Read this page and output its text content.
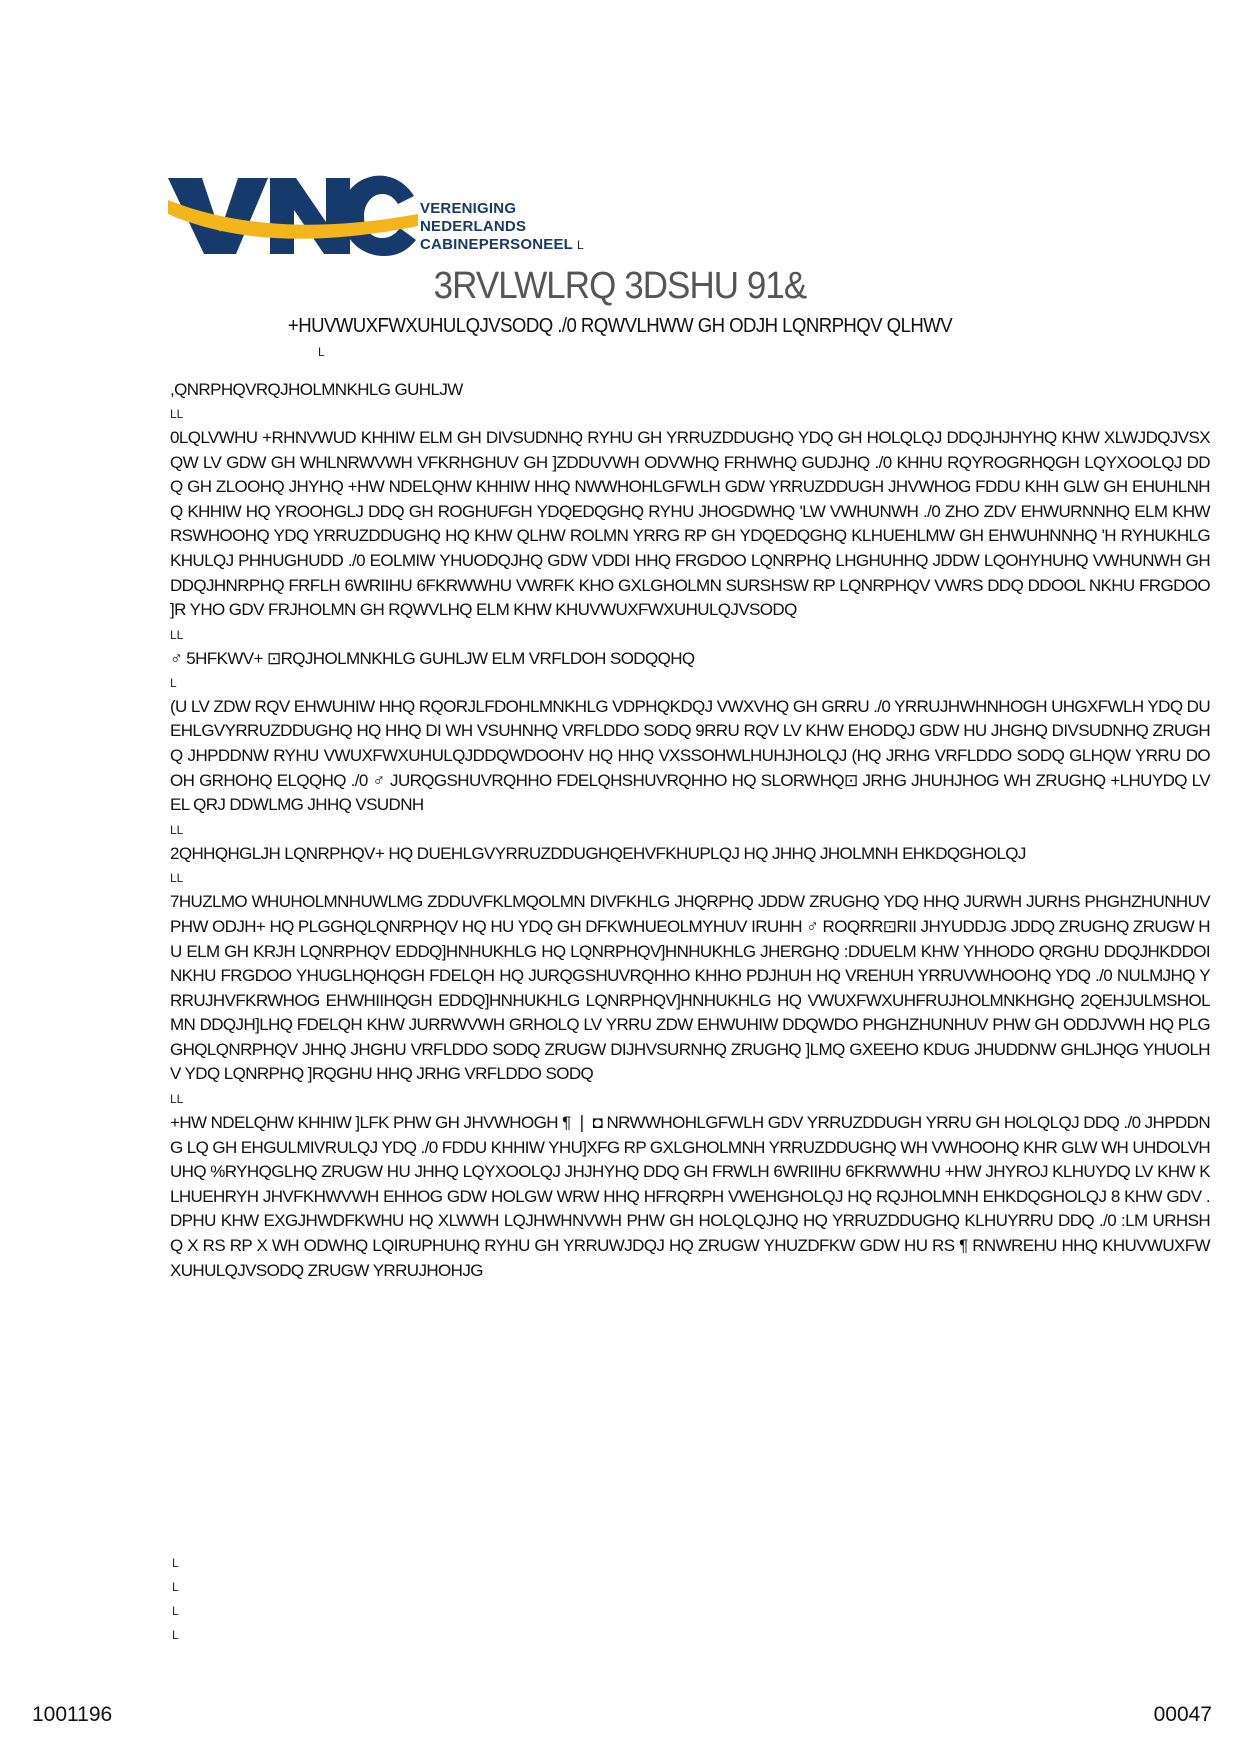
VERENIGING
NEDERLANDS
CABINEPERSONEEL L
3RVLWLRQ 3DSHU 91&
+HUVWUXFWXUHULQJVSODQ ./0 RQWVLHWW GH ODJH LQNRPHQV QLHWV
L

,QNRPHQVRQJHOLMNKHLG GUHLJW

LL

0LQLVWHU +RHNVWUD KHHIW ELM GH DIVSUDNHQ RYHU GH YRRUZDDUGHQ YDQ GH HOLQLQJ DDQJHJHYHQ KHW XLWJDQJVSXQW LV GDW GH WHLNRWVWH VFKRHGHUV GH ]ZDDUVWH ODVWHQ FRHWHQ GUDJHQ ./0 KHHU RQYROGRHQGH LQYXOOLQJ DDQ GH ZLOOHQ JHYHQ +HW NDELQHW KHHIW HHQ NWWHOHLGFWLH GDW YRRUZDDUGH JHVWHOG FDDU KHH GLW GH EHUHLNHQ KHHIW HQ YROOHGLJ DDQ GH ROGHUFGH YDQEDQGHQ RYHU JHOGDWHQ 'LW VWHUNWH ./0 ZHO ZDV EHWURNNHQ ELM KHW RSWHOOHQ YDQ YRRUZDDUGHQ HQ KHW QLHW ROLMN YRRG RP GH YDQEDQGHQ KLHUEHLMW GH EHWUHNNHQ 'H RYHUKHLG KHULQJ PHHUGHUDD ./0 EOLMIW YHUODQJHQ GDW VDDI HHQ FRGDOO LQNRPHQ LHGHUHHQ JDDW LQOHYHUHQ VWHUNWH GH DDQJHNRPHQ FRFLH 6WRIIHU 6FKRWWHU VWRFK KHO GXLGHOLMN SURSHSW RP LQNRPHQV VWRS DDQ DDOOL NKHU FRGDOO ]R YHO GDV FRJHOLMN GH RQWVLHQ ELM KHW KHUVWUXFWXUHULQJVSODQ

LL

♂ 5HFKWV+ ⊡RQJHOLMNKHLG GUHLJW ELM VRFLDOH SODQQHQ

L

(U LV ZDW RQV EHWUHIW HHQ RQORJLFDOHLMNKHLG VDPHQKDQJ VWXVHQ GH GRRU ./0 YRRUJHWHNHOGH UHGXFWLH YDQ DUEHLGVYRRUZDDUGHQ HQ HHQ DI WH VSUHNHQ VRFLDDO SODQ 9RRU RQV LV KHW EHODQJ GDW HU JHGHQ DIVSUDNHQ ZRUGHQ JHPDDNW RYHU VWUXFWXUHULQJDDQWDOOHV HQ HHQ VXSSOHWLHUHJHOLQJ (HQ JRHG VRFLDDO SODQ GLHQW YRRU DOOH GRHOHQ ELQQHQ ./0 ♂ JURQGSHUVRQHHO FDELQHSHUVRQHHO HQ SLORWHQ⊡ JRHG JHUHJHOG WH ZRUGHQ +LHUYDQ LV EL QRJ DDWLMG JHHQ VSUDNH

LL

2QHHQHGLJH LQNRPHQV+ HQ DUEHLGVYRRUZDDUGHQEHVFKHUPLQJ HQ JHHQ JHOLMNH EHKDQGHOLQJ

LL

7HUZLMO WHUHOLMNHUWLMG ZDDUVFKLMQOLMN DIVFKHLG JHQRPHQ JDDW ZRUGHQ YDQ HHQ JURWH JURHS PHGHZHUNHUV PHW ODJH+ HQ PLGGHQLQNRPHQV HQ HU YDQ GH DFKWHUEOLMYHUV IRUHH ♂ ROQRR⊡RII JHYUDDJG JDDQ ZRUGHQ ZRUGW HU ELM GH KRJH LQNRPHQV EDDQ]HNHUKHLG HQ LQNRPHQV]HNHUKHLG JHERGHQ :DDUELM KHW YHHODO QRGHU DDQJHKDDOI NKHU FRGDOO YHUGLHQHQGH FDELQH HQ JURQGSHUVRQHHO KHHO PDJHUH HQ VREHUH YRRUVWHOOHQ YDQ ./0 NULMJHQ YRRUJHVFKRWHOG EHWHIIHQGH EDDQ]HNHUKHLG LQNRPHQV]HNHUKHLG HQ VWUXFWXUHFRUJHOLMNKHGHQ 2QEHJULMSHOLMN DDQJH]LHQ FDELQH KHW JURRWVWH GRHOLQ LV YRRU ZDW EHWUHIW DDQWDO PHGHZHUNHUV PHW GH ODDJVWH HQ PLGGHQLQNRPHQV JHHQ JHGHU VRFLDDO SODQ ZRUGW DIJHVSURNHQ ZRUGHQ ]LMQ GXEEHO KDUG JHUDDNW GHLJHQG YHUOLHV YDQ LQNRPHQ ]RQGHU HHQ JRHG VRFLDDO SODQ

LL

+HW NDELQHW KHHIW ]LFK PHW GH JHVWHOGH ¶ ❘ ◘ NRWWHOHLGFWLH GDV YRRUZDDUGH YRRU GH HOLQLQJ DDQ ./0 JHPDDNG LQ GH EHGULMIVRULQJ YDQ ./0 FDDU KHHIW YHU]XFG RP GXLGHOLMNH YRRUZDDUGHQ WH VWHOOHQ KHR GLW WH UHDOLVHUHQ %RYHQGLHQ ZRUGW HU JHHQ LQYXOOLQJ JHJHYHQ DDQ GH FRWLH 6WRIIHU 6FKRWWHU +HW JHYROJ KLHUYDQ LV KHW KLHUEHRYH JHVFKHWVWH EHHOG GDW HOLGW WRW HHQ HFRQRPH VWEHGHOLQJ HQ RQJHOLMNH EHKDQGHOLQJ 8 KHW GDV .DPHU KHW EXGJHWDFKWHU HQ XLWWH LQJHWHNVWH PHW GH HOLQLQJHQ HQ YRRUZDDUGHQ KLHUYRRU DDQ ./0 :LM URHSHQ X RS RP X WH ODWHQ LQIRUPHUHQ RYHU GH YRRUWJDQJ HQ ZRUGW YHUZDFKW GDW HU RS ¶ RNWREHU HHQ KHUVWUXFWXUHULQJVSODQ ZRUGW YRRUJHOHJG

L
L
L
L
1001196	00047
